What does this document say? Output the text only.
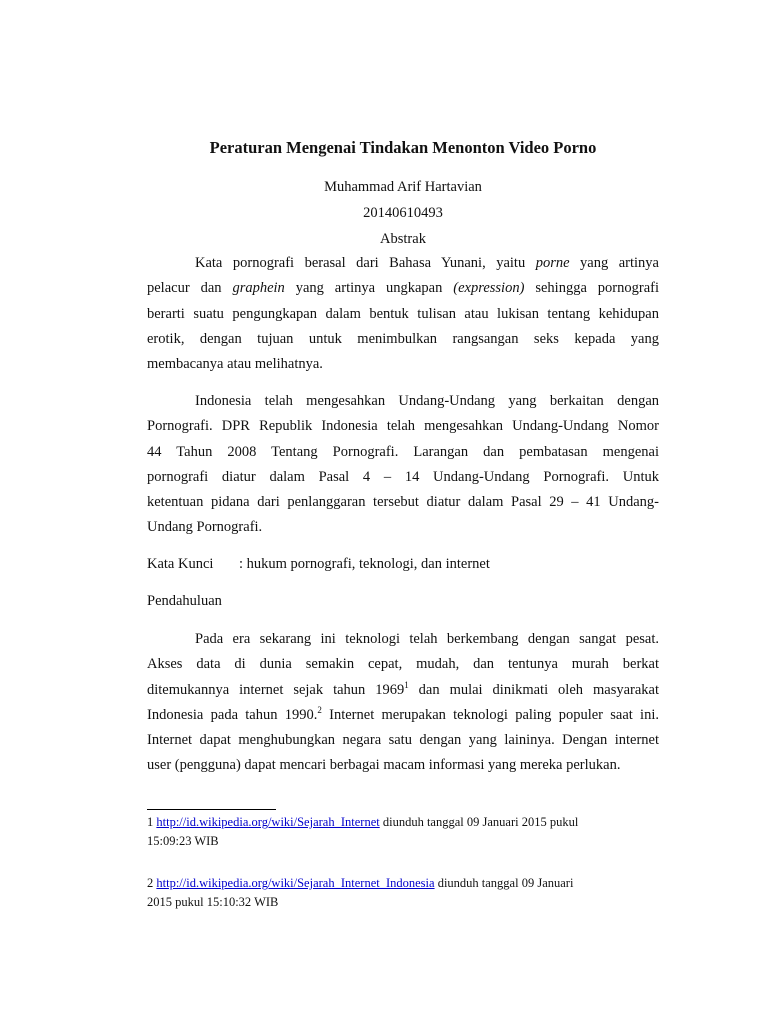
Peraturan Mengenai Tindakan Menonton Video Porno
Muhammad Arif Hartavian
20140610493
Abstrak
Kata pornografi berasal dari Bahasa Yunani, yaitu porne yang artinya
pelacur dan graphein yang artinya ungkapan (expression) sehingga pornografi
berarti suatu pengungkapan dalam bentuk tulisan atau lukisan tentang kehidupan
erotik, dengan tujuan untuk menimbulkan rangsangan seks kepada yang
membacanya atau melihatnya.
Indonesia telah mengesahkan Undang-Undang yang berkaitan dengan
Pornografi. DPR Republik Indonesia telah mengesahkan Undang-Undang Nomor
44 Tahun 2008 Tentang Pornografi. Larangan dan pembatasan mengenai
pornografi diatur dalam Pasal 4 – 14 Undang-Undang Pornografi. Untuk
ketentuan pidana dari penlanggaran tersebut diatur dalam Pasal 29 – 41 Undang-
Undang Pornografi.
Kata Kunci : hukum pornografi, teknologi, dan internet
Pendahuluan
Pada era sekarang ini teknologi telah berkembang dengan sangat pesat.
Akses data di dunia semakin cepat, mudah, dan tentunya murah berkat
ditemukannya internet sejak tahun 1969$^1$ dan mulai dinikmati oleh masyarakat
Indonesia pada tahun 1990.$^2$ Internet merupakan teknologi paling populer saat ini.
Internet dapat menghubungkan negara satu dengan yang laininya. Dengan internet
user (pengguna) dapat mencari berbagai macam informasi yang mereka perlukan.
1 http://id.wikipedia.org/wiki/Sejarah_Internet diunduh tanggal 09 Januari 2015 pukul
15:09:23 WIB
2 http://id.wikipedia.org/wiki/Sejarah_Internet_Indonesia diunduh tanggal 09 Januari
2015 pukul 15:10:32 WIB
